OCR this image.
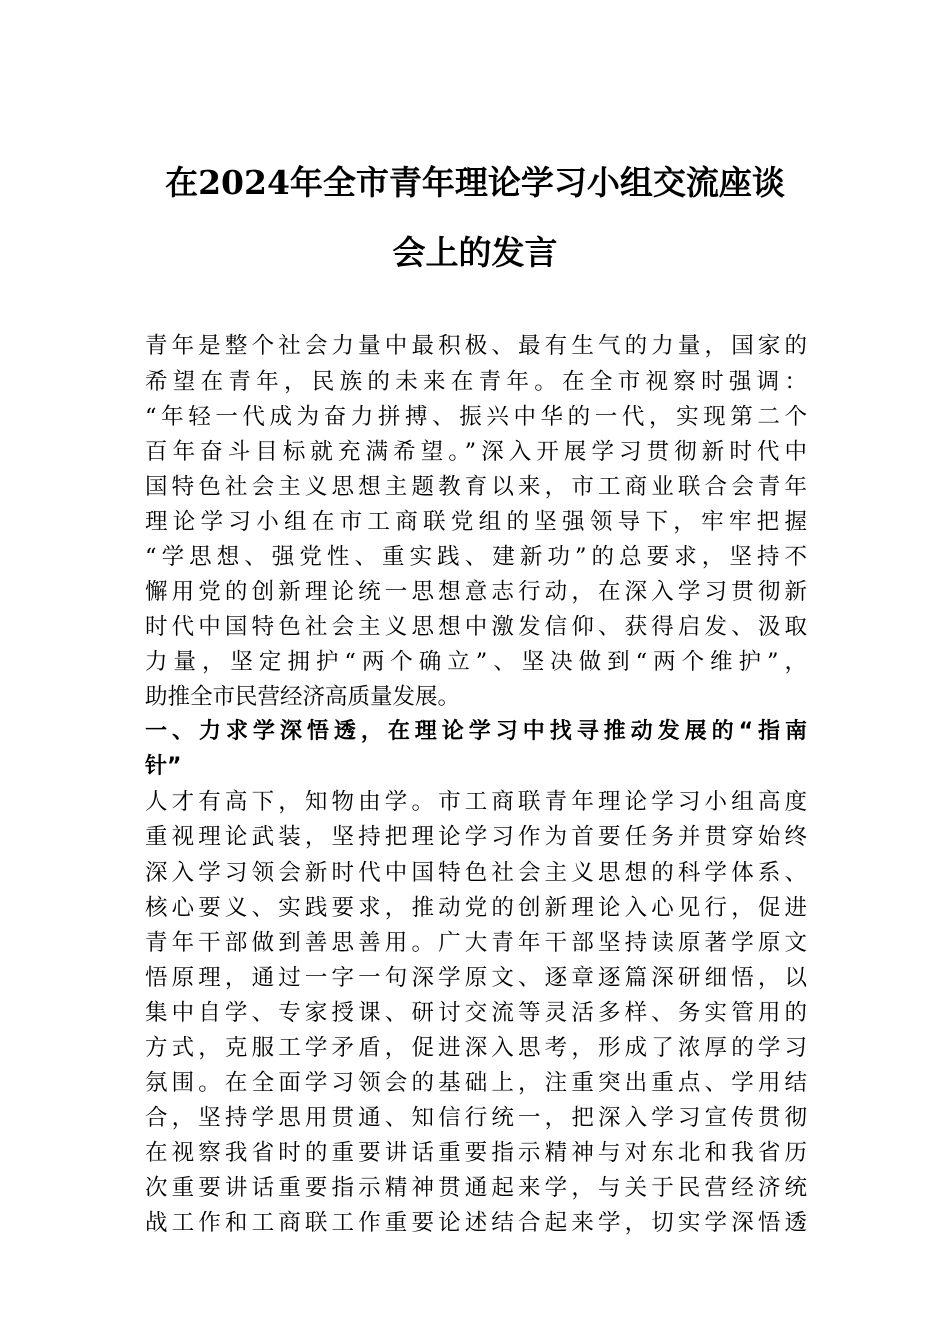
在2024年全市青年理论学习小组交流座谈
会上的发言
青年是整个社会力量中最积极、最有生气的力量，国家的
希望在青年，民族的未来在青年。在全市视察时强调：
“年轻一代成为奋力拼搏、振兴中华的一代，实现第二个
百年奋斗目标就充满希望。”深入开展学习贯彻新时代中
国特色社会主义思想主题教育以来，市工商业联合会青年
理论学习小组在市工商联党组的坚强领导下，牢牢把握
“学思想、强党性、重实践、建新功”的总要求，坚持不
懈用党的创新理论统一思想意志行动，在深入学习贯彻新
时代中国特色社会主义思想中激发信仰、获得启发、汲取
力量，坚定拥护“两个确立”、坚决做到“两个维护”，
助推全市民营经济高质量发展。
一、力求学深悟透，在理论学习中找寻推动发展的“指南
针”
人才有高下，知物由学。市工商联青年理论学习小组高度
重视理论武装，坚持把理论学习作为首要任务并贯穿始终
深入学习领会新时代中国特色社会主义思想的科学体系、
核心要义、实践要求，推动党的创新理论入心见行，促进
青年干部做到善思善用。广大青年干部坚持读原著学原文
悟原理，通过一字一句深学原文、逐章逐篇深研细悟，以
集中自学、专家授课、研讨交流等灵活多样、务实管用的
方式，克服工学矛盾，促进深入思考，形成了浓厚的学习
氛围。在全面学习领会的基础上，注重突出重点、学用结
合，坚持学思用贯通、知信行统一，把深入学习宣传贯彻
在视察我省时的重要讲话重要指示精神与对东北和我省历
次重要讲话重要指示精神贯通起来学，与关于民营经济统
战工作和工商联工作重要论述结合起来学，切实学深悟透
